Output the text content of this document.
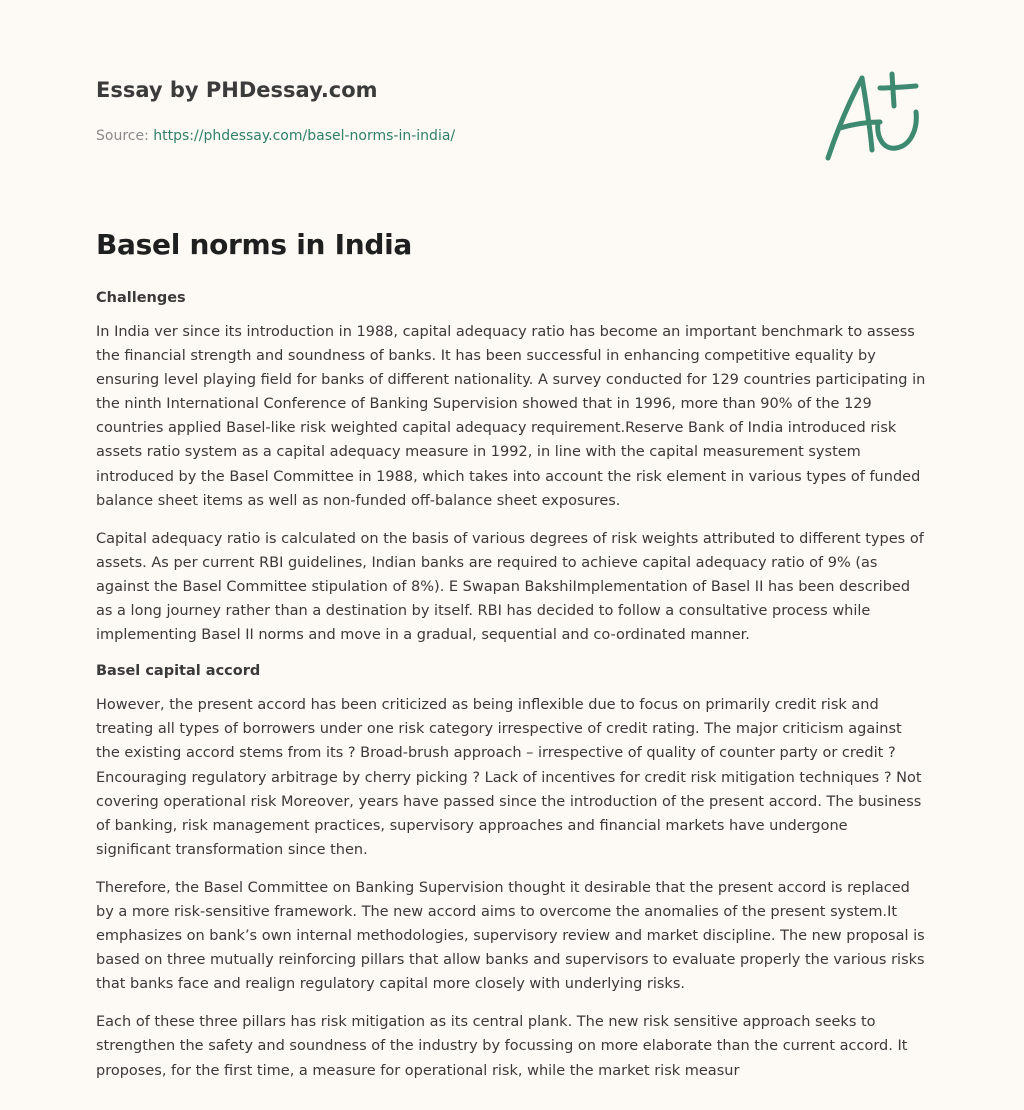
Essay by PHDessay.com
Source: https://phdessay.com/basel-norms-in-india/
Basel norms in India
Challenges

In India ver since its introduction in 1988, capital adequacy ratio has become an important benchmark to assess the financial strength and soundness of banks. It has been successful in enhancing competitive equality by ensuring level playing field for banks of different nationality. A survey conducted for 129 countries participating in the ninth International Conference of Banking Supervision showed that in 1996, more than 90% of the 129 countries applied Basel-like risk weighted capital adequacy requirement.Reserve Bank of India introduced risk assets ratio system as a capital adequacy measure in 1992, in line with the capital measurement system introduced by the Basel Committee in 1988, which takes into account the risk element in various types of funded balance sheet items as well as non-funded off-balance sheet exposures.

Capital adequacy ratio is calculated on the basis of various degrees of risk weights attributed to different types of assets. As per current RBI guidelines, Indian banks are required to achieve capital adequacy ratio of 9% (as against the Basel Committee stipulation of 8%). E Swapan BakshiImplementation of Basel II has been described as a long journey rather than a destination by itself. RBI has decided to follow a consultative process while implementing Basel II norms and move in a gradual, sequential and co-ordinated manner.

Basel capital accord

However, the present accord has been criticized as being inflexible due to focus on primarily credit risk and treating all types of borrowers under one risk category irrespective of credit rating. The major criticism against the existing accord stems from its ? Broad-brush approach – irrespective of quality of counter party or credit ? Encouraging regulatory arbitrage by cherry picking ? Lack of incentives for credit risk mitigation techniques ? Not covering operational risk Moreover, years have passed since the introduction of the present accord. The business of banking, risk management practices, supervisory approaches and financial markets have undergone significant transformation since then.

Therefore, the Basel Committee on Banking Supervision thought it desirable that the present accord is replaced by a more risk-sensitive framework. The new accord aims to overcome the anomalies of the present system.It emphasizes on bank’s own internal methodologies, supervisory review and market discipline. The new proposal is based on three mutually reinforcing pillars that allow banks and supervisors to evaluate properly the various risks that banks face and realign regulatory capital more closely with underlying risks.

Each of these three pillars has risk mitigation as its central plank. The new risk sensitive approach seeks to strengthen the safety and soundness of the industry by focussing on more elaborate than the current accord. It proposes, for the first time, a measure for operational risk, while the market risk measur
